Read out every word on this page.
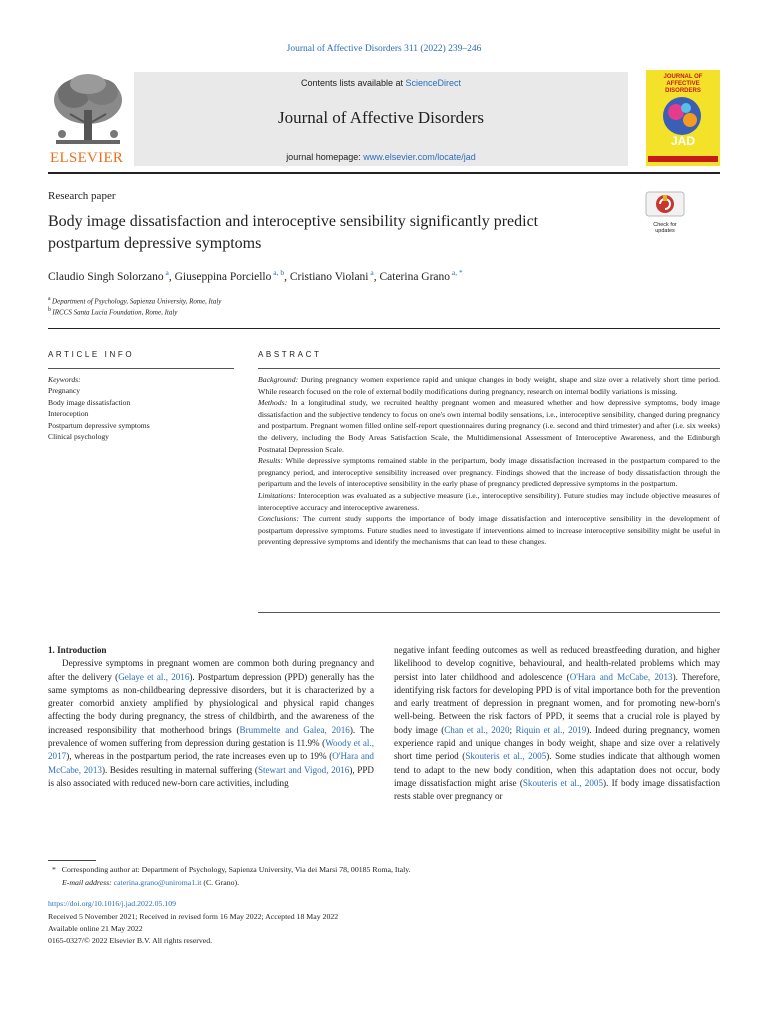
Journal of Affective Disorders 311 (2022) 239–246
ELSEVIER
Contents lists available at ScienceDirect
Journal of Affective Disorders
journal homepage: www.elsevier.com/locate/jad
JOURNAL OF AFFECTIVE DISORDERS
JAD
Research paper
Body image dissatisfaction and interoceptive sensibility significantly predict postpartum depressive symptoms
Check for
updates
Claudio Singh Solorzano $^a$, Giuseppina Porciello $^{a, b}$, Cristiano Violani $^a$, Caterina Grano $^{a, *}$
$^a$ Department of Psychology, Sapienza University, Rome, Italy
$^b$ IRCCS Santa Lucia Foundation, Rome, Italy
ARTICLE INFO	ABSTRACT
Keywords:
Pregnancy
Body image dissatisfaction
Interoception
Postpartum depressive symptoms
Clinical psychology

Background: During pregnancy women experience rapid and unique changes in body weight, shape and size over a relatively short time period. While research focused on the role of external bodily modifications during pregnancy, research on internal bodily variations is missing.

Methods: In a longitudinal study, we recruited healthy pregnant women and measured whether and how depressive symptoms, body image dissatisfaction and the subjective tendency to focus on one's own internal bodily sensations, i.e., interoceptive sensibility, changed during pregnancy and postpartum. Pregnant women filled online self-report questionnaires during pregnancy (i.e. second and third trimester) and after (i.e. six weeks) the delivery, including the Body Areas Satisfaction Scale, the Multidimensional Assessment of Interoceptive Awareness, and the Edinburgh Postnatal Depression Scale.

Results: While depressive symptoms remained stable in the peripartum, body image dissatisfaction increased in the postpartum compared to the pregnancy period, and interoceptive sensibility increased over pregnancy. Findings showed that the increase of body dissatisfaction through the peripartum and the levels of interoceptive sensibility in the early phase of pregnancy predicted depressive symptoms in the postpartum.

Limitations: Interoception was evaluated as a subjective measure (i.e., interoceptive sensibility). Future studies may include objective measures of interoceptive accuracy and interoceptive awareness.

Conclusions: The current study supports the importance of body image dissatisfaction and interoceptive sensibility in the development of postpartum depressive symptoms. Future studies need to investigate if interventions aimed to increase interoceptive sensibility might be useful in preventing depressive symptoms and identify the mechanisms that can lead to these changes.

1. Introduction

Depressive symptoms in pregnant women are common both during pregnancy and after the delivery (Gelaye et al., 2016). Postpartum depression (PPD) generally has the same symptoms as non-childbearing depressive disorders, but it is characterized by a greater comorbid anxiety amplified by physiological and physical rapid changes affecting the body during pregnancy, the stress of childbirth, and the awareness of the increased responsibility that motherhood brings (Brummelte and Galea, 2016). The prevalence of women suffering from depression during gestation is 11.9% (Woody et al., 2017), whereas in the postpartum period, the rate increases even up to 19% (O'Hara and McCabe, 2013). Besides resulting in maternal suffering (Stewart and Vigod, 2016), PPD is also associated with reduced new-born care activities, including

negative infant feeding outcomes as well as reduced breastfeeding duration, and higher likelihood to develop cognitive, behavioural, and health-related problems which may persist into later childhood and adolescence (O'Hara and McCabe, 2013). Therefore, identifying risk factors for developing PPD is of vital importance both for the prevention and early treatment of depression in pregnant women, and for promoting new-born's well-being. Between the risk factors of PPD, it seems that a crucial role is played by body image (Chan et al., 2020; Riquin et al., 2019). Indeed during pregnancy, women experience rapid and unique changes in body weight, shape and size over a relatively short time period (Skouteris et al., 2005). Some studies indicate that although women tend to adapt to the new body condition, when this adaptation does not occur, body image dissatisfaction might arise (Skouteris et al., 2005). If body image dissatisfaction rests stable over pregnancy or

*   Corresponding author at: Department of Psychology, Sapienza University, Via dei Marsi 78, 00185 Roma, Italy.
E-mail address: caterina.grano@uniroma1.it (C. Grano).
https://doi.org/10.1016/j.jad.2022.05.109
Received 5 November 2021; Received in revised form 16 May 2022; Accepted 18 May 2022
Available online 21 May 2022
0165-0327/© 2022 Elsevier B.V. All rights reserved.
